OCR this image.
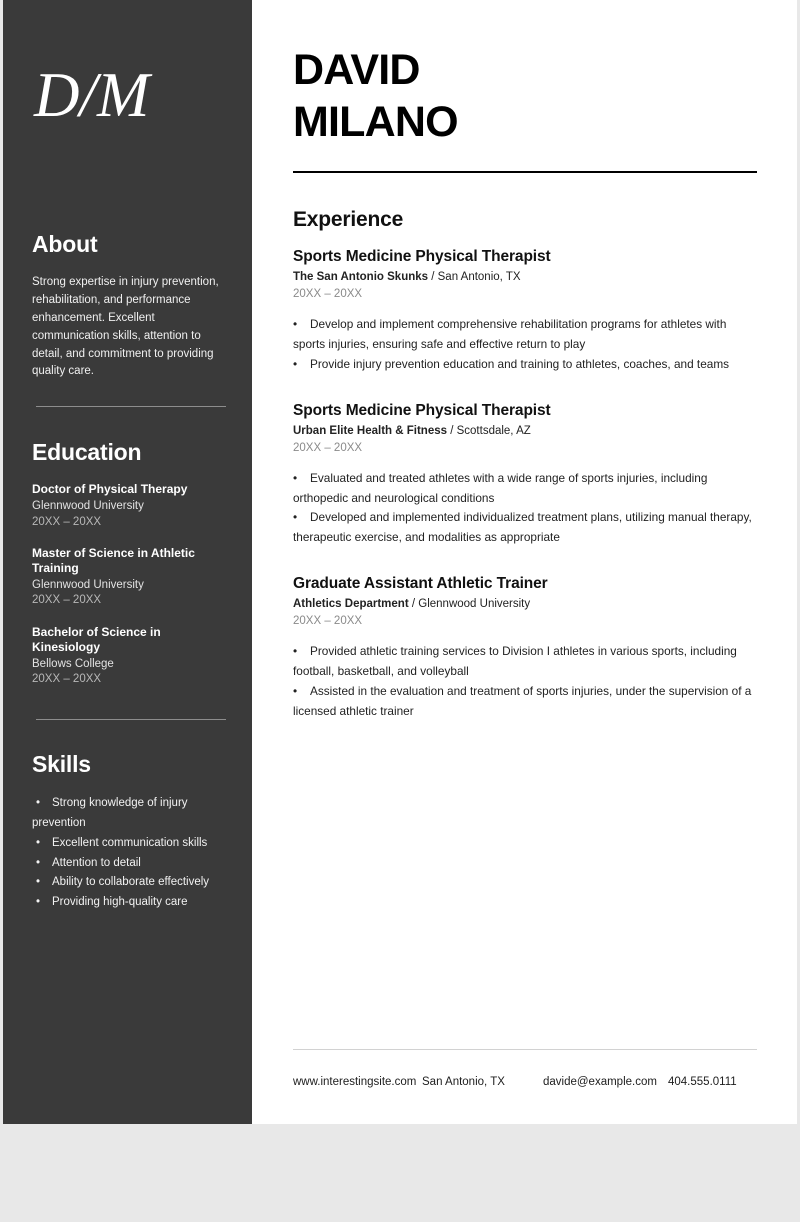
D/M
About

Strong expertise in injury prevention, rehabilitation, and performance enhancement. Excellent communication skills, attention to detail, and commitment to providing quality care.

Education

Doctor of Physical Therapy

Glennwood University

20XX – 20XX

Master of Science in Athletic Training

Glennwood University

20XX – 20XX

Bachelor of Science in Kinesiology

Bellows College

20XX – 20XX

Skills
• Strong knowledge of injury prevention
• Excellent communication skills
• Attention to detail
• Ability to collaborate effectively
• Providing high-quality care
DAVID
MILANO
Experience
Sports Medicine Physical Therapist

The San Antonio Skunks / San Antonio, TX

20XX – 20XX

• Develop and implement comprehensive rehabilitation programs for athletes with sports injuries, ensuring safe and effective return to play
• Provide injury prevention education and training to athletes, coaches, and teams
Sports Medicine Physical Therapist

Urban Elite Health & Fitness / Scottsdale, AZ

20XX – 20XX

• Evaluated and treated athletes with a wide range of sports injuries, including orthopedic and neurological conditions
• Developed and implemented individualized treatment plans, utilizing manual therapy, therapeutic exercise, and modalities as appropriate
Graduate Assistant Athletic Trainer

Athletics Department / Glennwood University

20XX – 20XX

• Provided athletic training services to Division I athletes in various sports, including football, basketball, and volleyball
• Assisted in the evaluation and treatment of sports injuries, under the supervision of a licensed athletic trainer
www.interestingsite.com San Antonio, TX	davide@example.com 404.555.0111
